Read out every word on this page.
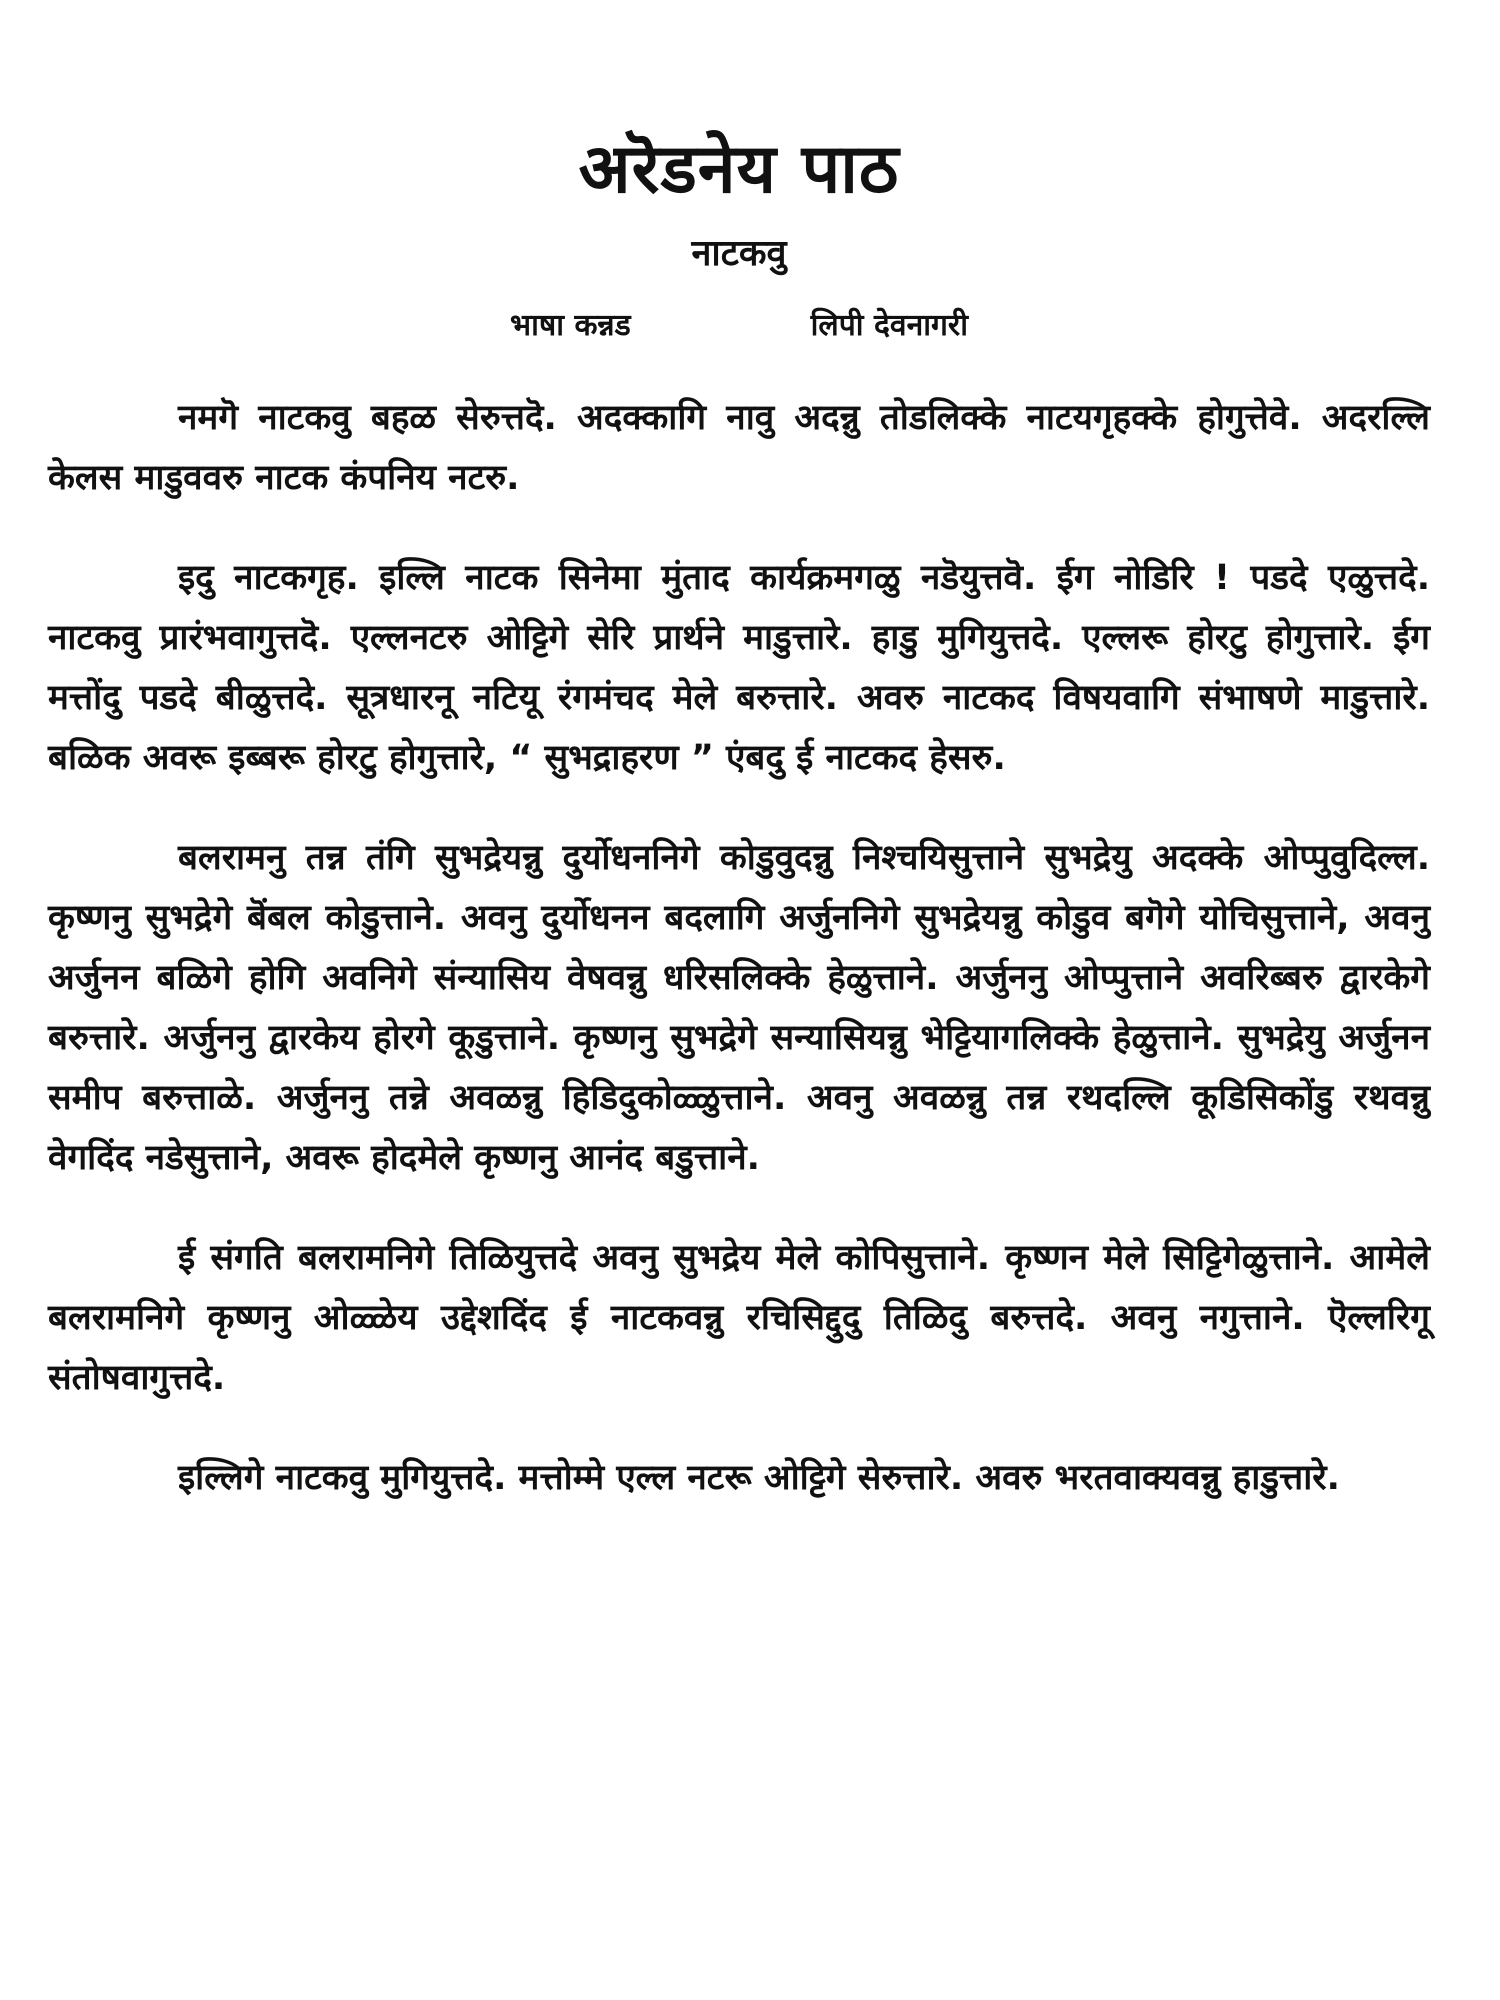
अरॆडनेय पाठ
नाटकवु
भाषा कन्नड	लिपी देवनागरी

नमगॆ नाटकवु बहळ सेरुत्तदॆ. अदक्कागि नावु अदन्नु तोडलिक्के नाटयगृहक्के होगुत्तेवे. अदरल्लि केलस माडुववरु नाटक कंपनिय नटरु.

इदु नाटकगृह. इल्लि नाटक सिनेमा मुंताद कार्यक्रमगळु नडॆयुत्तवॆ. ईग नोडिरि ! पडदे एळुत्तदे. नाटकवु प्रारंभवागुत्तदॆ. एल्लनटरु ओट्टिगे सेरि प्रार्थने माडुत्तारे. हाडु मुगियुत्तदे. एल्लरू होरटु होगुत्तारे. ईग मत्तोंदु पडदे बीळुत्तदे. सूत्रधारनू नटियू रंगमंचद मेले बरुत्तारे. अवरु नाटकद विषयवागि संभाषणे माडुत्तारे. बळिक अवरू इब्बरू होरटु होगुत्तारे, “ सुभद्राहरण ” एंबदु ई नाटकद हेसरु.

बलरामनु तन्न तंगि सुभद्रेयन्नु दुर्योधननिगे कोडुवुदन्नु निश्चयिसुत्ताने सुभद्रेयु अदक्के ओप्पुवुदिल्ल. कृष्णनु सुभद्रेगे बॆंबल कोडुत्ताने. अवनु दुर्योधनन बदलागि अर्जुननिगे सुभद्रेयन्नु कोडुव बगॆगे योचिसुत्ताने, अवनु अर्जुनन बळिगे होगि अवनिगे संन्यासिय वेषवन्नु धरिसलिक्के हेळुत्ताने. अर्जुननु ओप्पुत्ताने अवरिब्बरु द्वारकेगे बरुत्तारे. अर्जुननु द्वारकेय होरगे कूडुत्ताने. कृष्णनु सुभद्रेगे सन्यासियन्नु भेट्टियागलिक्के हेळुत्ताने. सुभद्रेयु अर्जुनन समीप बरुत्ताळे. अर्जुननु तन्ने अवळन्नु हिडिदुकोळ्ळुत्ताने. अवनु अवळन्नु तन्न रथदल्लि कूडिसिकोंडु रथवन्नु वेगदिंद नडेसुत्ताने, अवरू होदमेले कृष्णनु आनंद बडुत्ताने.

ई संगति बलरामनिगे तिळियुत्तदे अवनु सुभद्रेय मेले कोपिसुत्ताने. कृष्णन मेले सिट्टिगेळुत्ताने. आमेले बलरामनिगे कृष्णनु ओळ्ळेय उद्देशदिंद ई नाटकवन्नु रचिसिद्दुदु तिळिदु बरुत्तदे. अवनु नगुत्ताने. ऎल्लरिगू संतोषवागुत्तदे.

इल्लिगे नाटकवु मुगियुत्तदे. मत्तोम्मे एल्ल नटरू ओट्टिगे सेरुत्तारे. अवरु भरतवाक्यवन्नु हाडुत्तारे.
